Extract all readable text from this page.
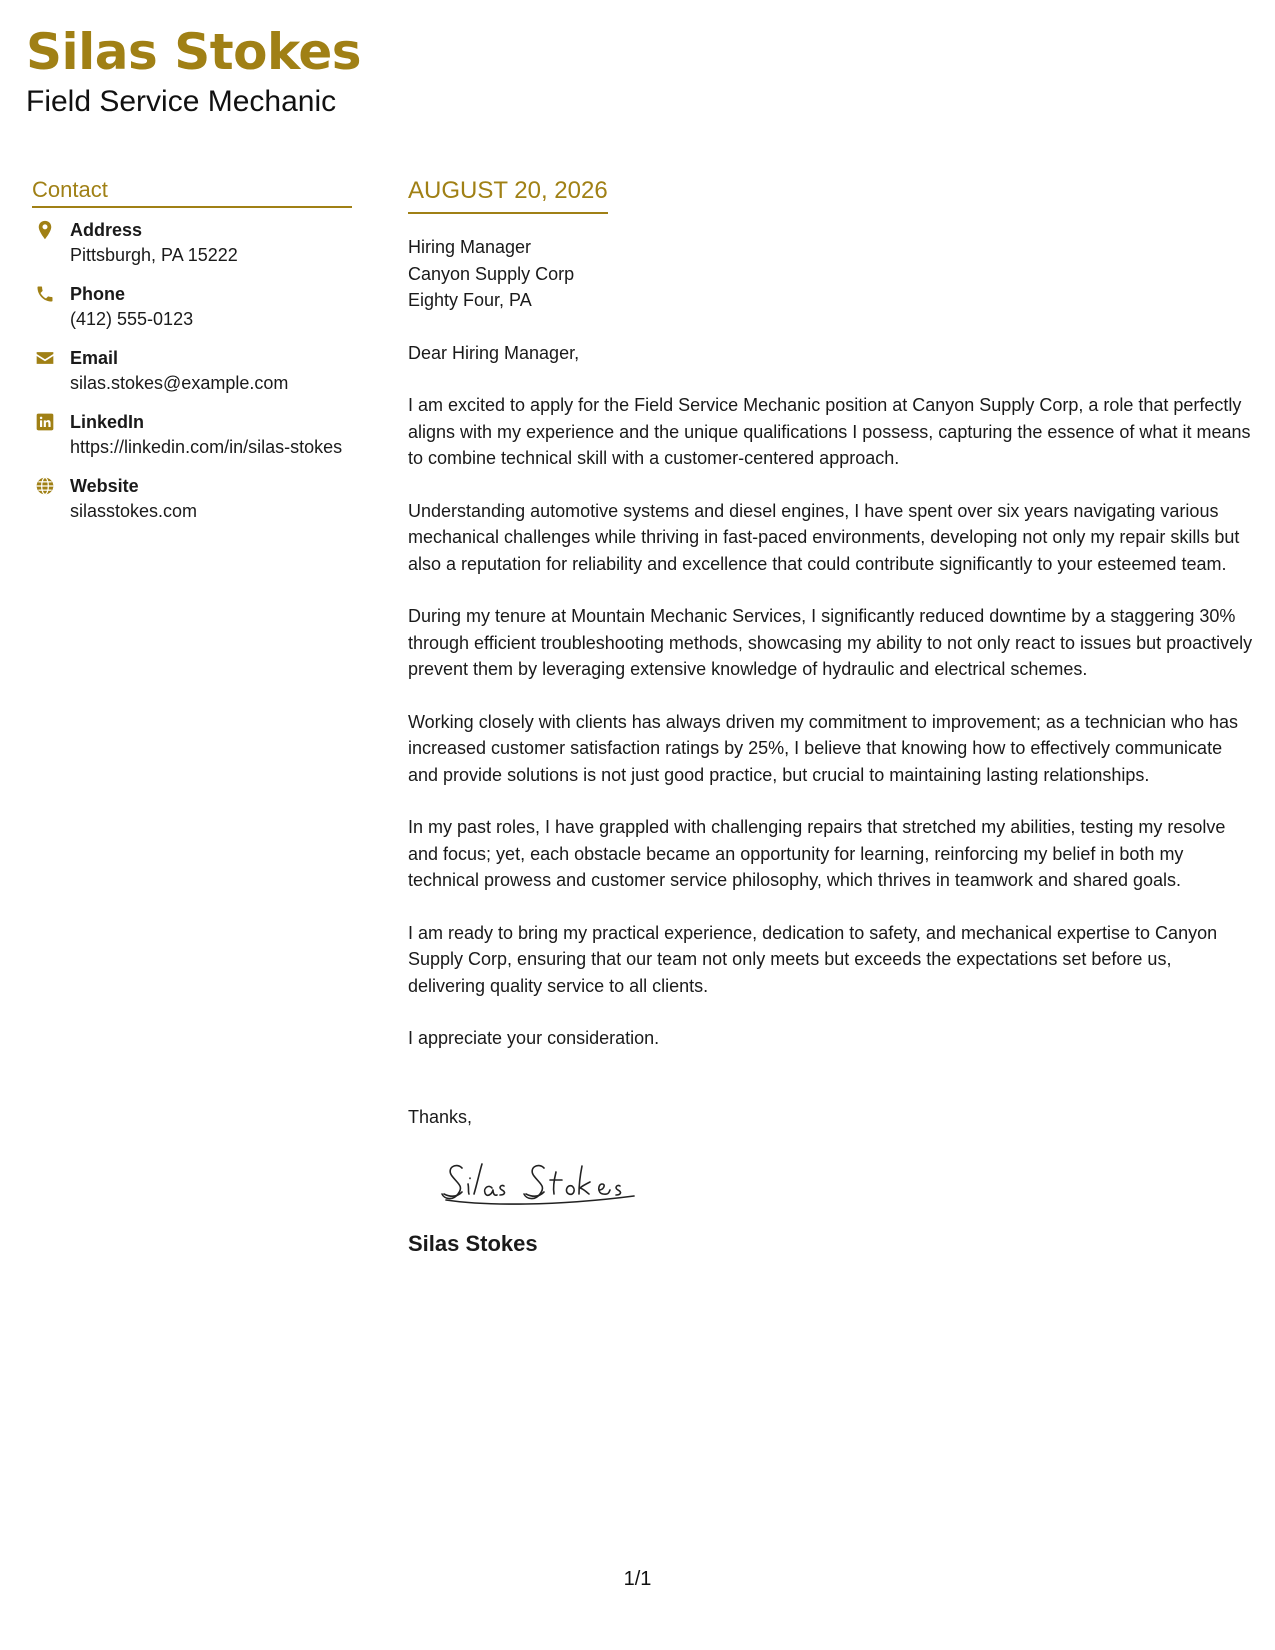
Silas Stokes
Field Service Mechanic
Contact
Address
Pittsburgh, PA 15222
Phone
(412) 555-0123
Email
silas.stokes@example.com
LinkedIn
https://linkedin.com/in/silas-stokes
Website
silasstokes.com
AUGUST 20, 2026
Hiring Manager
Canyon Supply Corp
Eighty Four, PA

Dear Hiring Manager,

I am excited to apply for the Field Service Mechanic position at Canyon Supply Corp, a role that perfectly aligns with my experience and the unique qualifications I possess, capturing the essence of what it means to combine technical skill with a customer-centered approach.

Understanding automotive systems and diesel engines, I have spent over six years navigating various mechanical challenges while thriving in fast-paced environments, developing not only my repair skills but also a reputation for reliability and excellence that could contribute significantly to your esteemed team.

During my tenure at Mountain Mechanic Services, I significantly reduced downtime by a staggering 30% through efficient troubleshooting methods, showcasing my ability to not only react to issues but proactively prevent them by leveraging extensive knowledge of hydraulic and electrical schemes.

Working closely with clients has always driven my commitment to improvement; as a technician who has increased customer satisfaction ratings by 25%, I believe that knowing how to effectively communicate and provide solutions is not just good practice, but crucial to maintaining lasting relationships.

In my past roles, I have grappled with challenging repairs that stretched my abilities, testing my resolve and focus; yet, each obstacle became an opportunity for learning, reinforcing my belief in both my technical prowess and customer service philosophy, which thrives in teamwork and shared goals.

I am ready to bring my practical experience, dedication to safety, and mechanical expertise to Canyon Supply Corp, ensuring that our team not only meets but exceeds the expectations set before us, delivering quality service to all clients.

I appreciate your consideration.

Thanks,
Silas Stokes
1/1
